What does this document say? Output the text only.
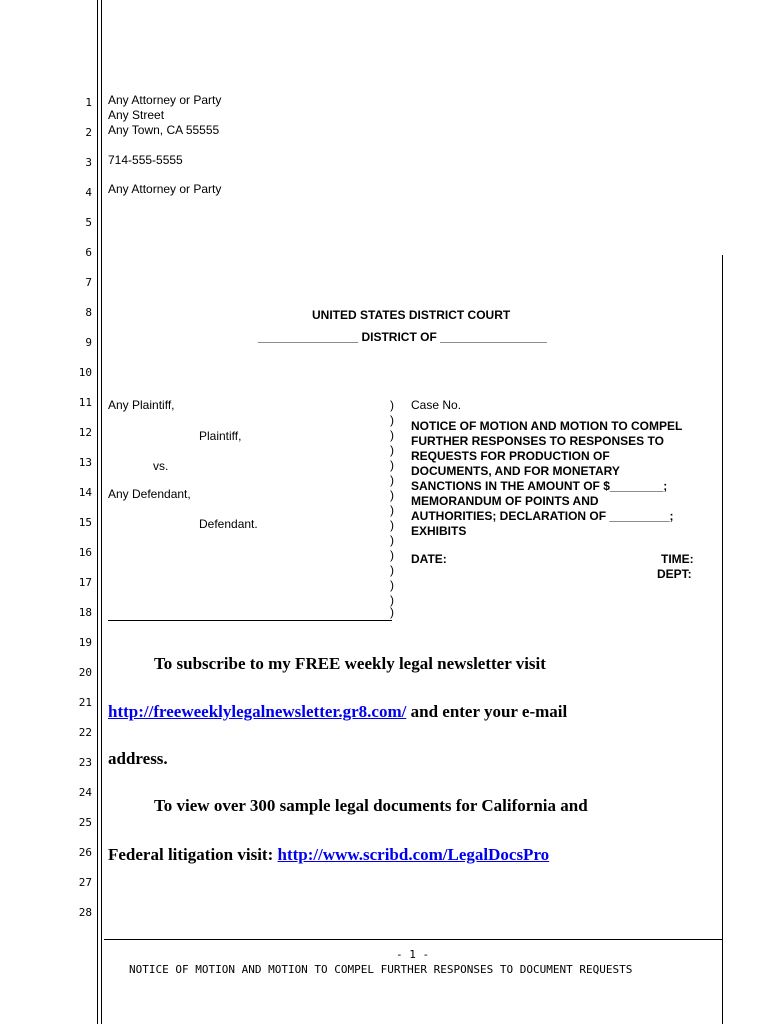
1
2
3
4
5
6
7
8
9
10
11
12
13
14
15
16
17
18
19
20
21
22
23
24
25
26
27
28
Any Attorney or Party
Any Street
Any Town, CA 55555
714-555-5555
Any Attorney or Party
UNITED STATES DISTRICT COURT
_______________ DISTRICT OF ________________
Any Plaintiff,
Plaintiff,
vs.
Any Defendant,
Defendant.
)
)
)
)
)
)
)
)
)
)
)
)
)
)
)
Case No.
NOTICE OF MOTION AND MOTION TO COMPEL
FURTHER RESPONSES TO RESPONSES TO
REQUESTS FOR PRODUCTION OF
DOCUMENTS, AND FOR MONETARY
SANCTIONS IN THE AMOUNT OF $________;
MEMORANDUM OF POINTS AND
AUTHORITIES; DECLARATION OF _________;
EXHIBITS
DATE:	TIME:
DEPT:
To subscribe to my FREE weekly legal newsletter visit
http://freeweeklylegalnewsletter.gr8.com/ and enter your e-mail
address.
To view over 300 sample legal documents for California and
Federal litigation visit: http://www.scribd.com/LegalDocsPro
- 1 -
NOTICE OF MOTION AND MOTION TO COMPEL FURTHER RESPONSES TO DOCUMENT REQUESTS
